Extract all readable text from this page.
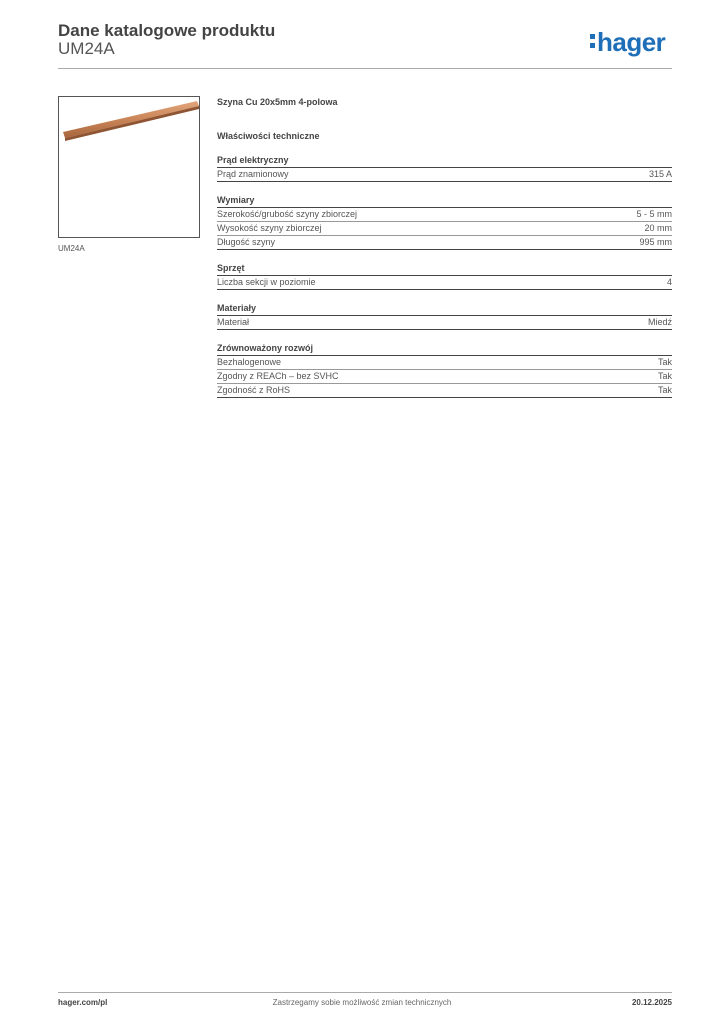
Dane katalogowe produktu
UM24A	hager
UM24A
Szyna Cu 20x5mm 4-polowa
Właściwości techniczne
Prąd elektryczny
Prąd znamionowy	315 A
Wymiary
Szerokość/grubość szyny zbiorczej	5 - 5 mm
Wysokość szyny zbiorczej	20 mm
Długość szyny	995 mm
Sprzęt
Liczba sekcji w poziomie	4
Materiały
Materiał	Miedź
Zrównoważony rozwój
Bezhalogenowe	Tak
Zgodny z REACh – bez SVHC	Tak
Zgodność z RoHS	Tak
hager.com/pl	Zastrzegamy sobie możliwość zmian technicznych	20.12.2025
